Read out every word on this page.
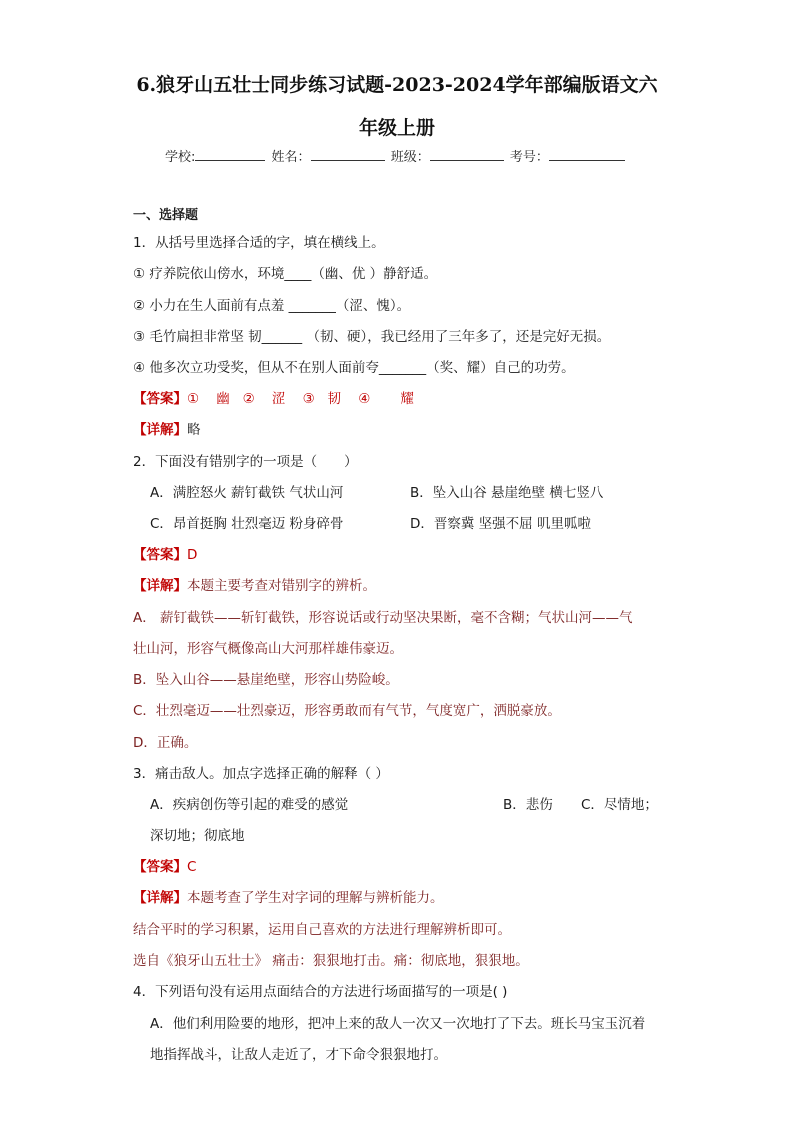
6.狼牙山五壮士同步练习试题-2023-2024学年部编版语文六
年级上册
学校:	姓名：	班级：	考号：
一、选择题
1．从括号里选择合适的字，填在横线上。
① 疗养院依山傍水，环境____（幽、优 ）静舒适。
② 小力在生人面前有点羞 _______（涩、愧）。
③ 毛竹扁担非常坚 韧______ （韧、硬），我已经用了三年多了，还是完好无损。
④ 他多次立功受奖，但从不在别人面前夸_______（奖、耀）自己的功劳。
【答案】①    幽   ②    涩    ③   韧    ④       耀
【详解】略
2．下面没有错别字的一项是（　　）
A．满腔怒火 薪钉截铁 气状山河	B．坠入山谷 悬崖绝壁 横七竖八
C．昂首挺胸 壮烈毫迈 粉身碎骨	D．晋察冀 坚强不屈 叽里呱啦
【答案】D
【详解】本题主要考查对错别字的辨析。
A． 薪钉截铁——斩钉截铁，形容说话或行动坚决果断，毫不含糊；气状山河——气
壮山河，形容气概像高山大河那样雄伟豪迈。
B．坠入山谷——悬崖绝壁，形容山势险峻。
C．壮烈毫迈——壮烈豪迈，形容勇敢而有气节，气度宽广，洒脱豪放。
D．正确。
3．痛击敌人。加点字选择正确的解释（ ）
A．疾病创伤等引起的难受的感觉	B．悲伤 C．尽情地；
深切地；彻底地
【答案】C
【详解】本题考查了学生对字词的理解与辨析能力。
结合平时的学习积累，运用自己喜欢的方法进行理解辨析即可。
选自《狼牙山五壮士》 痛击：狠狠地打击。痛：彻底地，狠狠地。
4．下列语句没有运用点面结合的方法进行场面描写的一项是( )
A．他们利用险要的地形，把冲上来的敌人一次又一次地打了下去。班长马宝玉沉着
地指挥战斗，让敌人走近了，才下命令狠狠地打。
